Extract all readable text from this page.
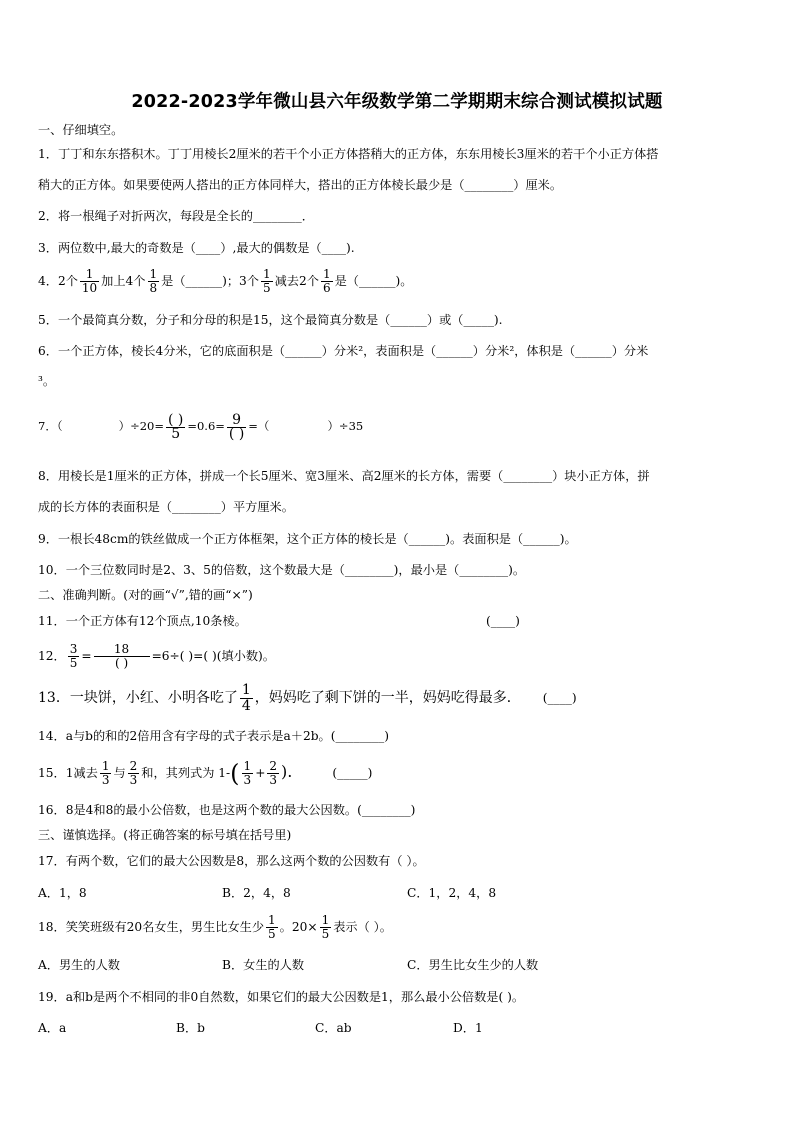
2022-2023学年微山县六年级数学第二学期期末综合测试模拟试题
一、仔细填空。
1．丁丁和东东搭积木。丁丁用棱长2厘米的若干个小正方体搭稍大的正方体，东东用棱长3厘米的若干个小正方体搭
稍大的正方体。如果要使两人搭出的正方体同样大，搭出的正方体棱长最少是（________）厘米。
2．将一根绳子对折两次，每段是全长的________．
3．两位数中,最大的奇数是（____）,最大的偶数是（____).
4．2个 $\frac{1}{10}$ 加上4个 $\frac{1}{8}$ 是（______)；3个 $\frac{1}{5}$ 减去2个 $\frac{1}{6}$ 是（______)。
5．一个最简真分数，分子和分母的积是15，这个最简真分数是（______）或（_____).
6．一个正方体，棱长4分米，它的底面积是（______）分米²，表面积是（______）分米²，体积是（______）分米
³。
7．（	）$\div 20= \frac{( )}{5} =0.6= \frac{9}{( )}$ =（	）÷35
8．用棱长是1厘米的正方体，拼成一个长5厘米、宽3厘米、高2厘米的长方体，需要（________）块小正方体，拼
成的长方体的表面积是（________）平方厘米。
9．一根长48cm的铁丝做成一个正方体框架，这个正方体的棱长是（______)。表面积是（______)。
10．一个三位数同时是2、3、5的倍数，这个数最大是（________)，最小是（________)。
二、准确判断。(对的画“√”,错的画“×”)
11．一个正方体有12个顶点,10条棱。	(____)
12． $\frac{3}{5} = \frac{18}{( )} =6\div$( )=( )(填小数)。
13．一块饼，小红、小明各吃了 $\frac{1}{4}$ ，妈妈吃了剩下饼的一半，妈妈吃得最多． (____)
14．a与b的和的2倍用含有字母的式子表示是a＋2b。(________)
15．1减去 $\frac{1}{3}$ 与 $\frac{2}{3}$ 和，其列式为 $1-( \frac{1}{3} + \frac{2}{3}$ ).	(_____)
16．8是4和8的最小公倍数，也是这两个数的最大公因数。(________)
三、谨慎选择。(将正确答案的标号填在括号里)
17．有两个数，它们的最大公因数是8，那么这两个数的公因数有（ ）。
A．1，8	B．2，4，8	C．1，2，4，8
18．笑笑班级有20名女生，男生比女生少 $\frac{1}{5}$ 。$20\times \frac{1}{5}$ 表示（ ）。
A．男生的人数	B．女生的人数	C．男生比女生少的人数
19．a和b是两个不相同的非0自然数，如果它们的最大公因数是1，那么最小公倍数是( )。
A．a	B．b	C．ab	D．1
